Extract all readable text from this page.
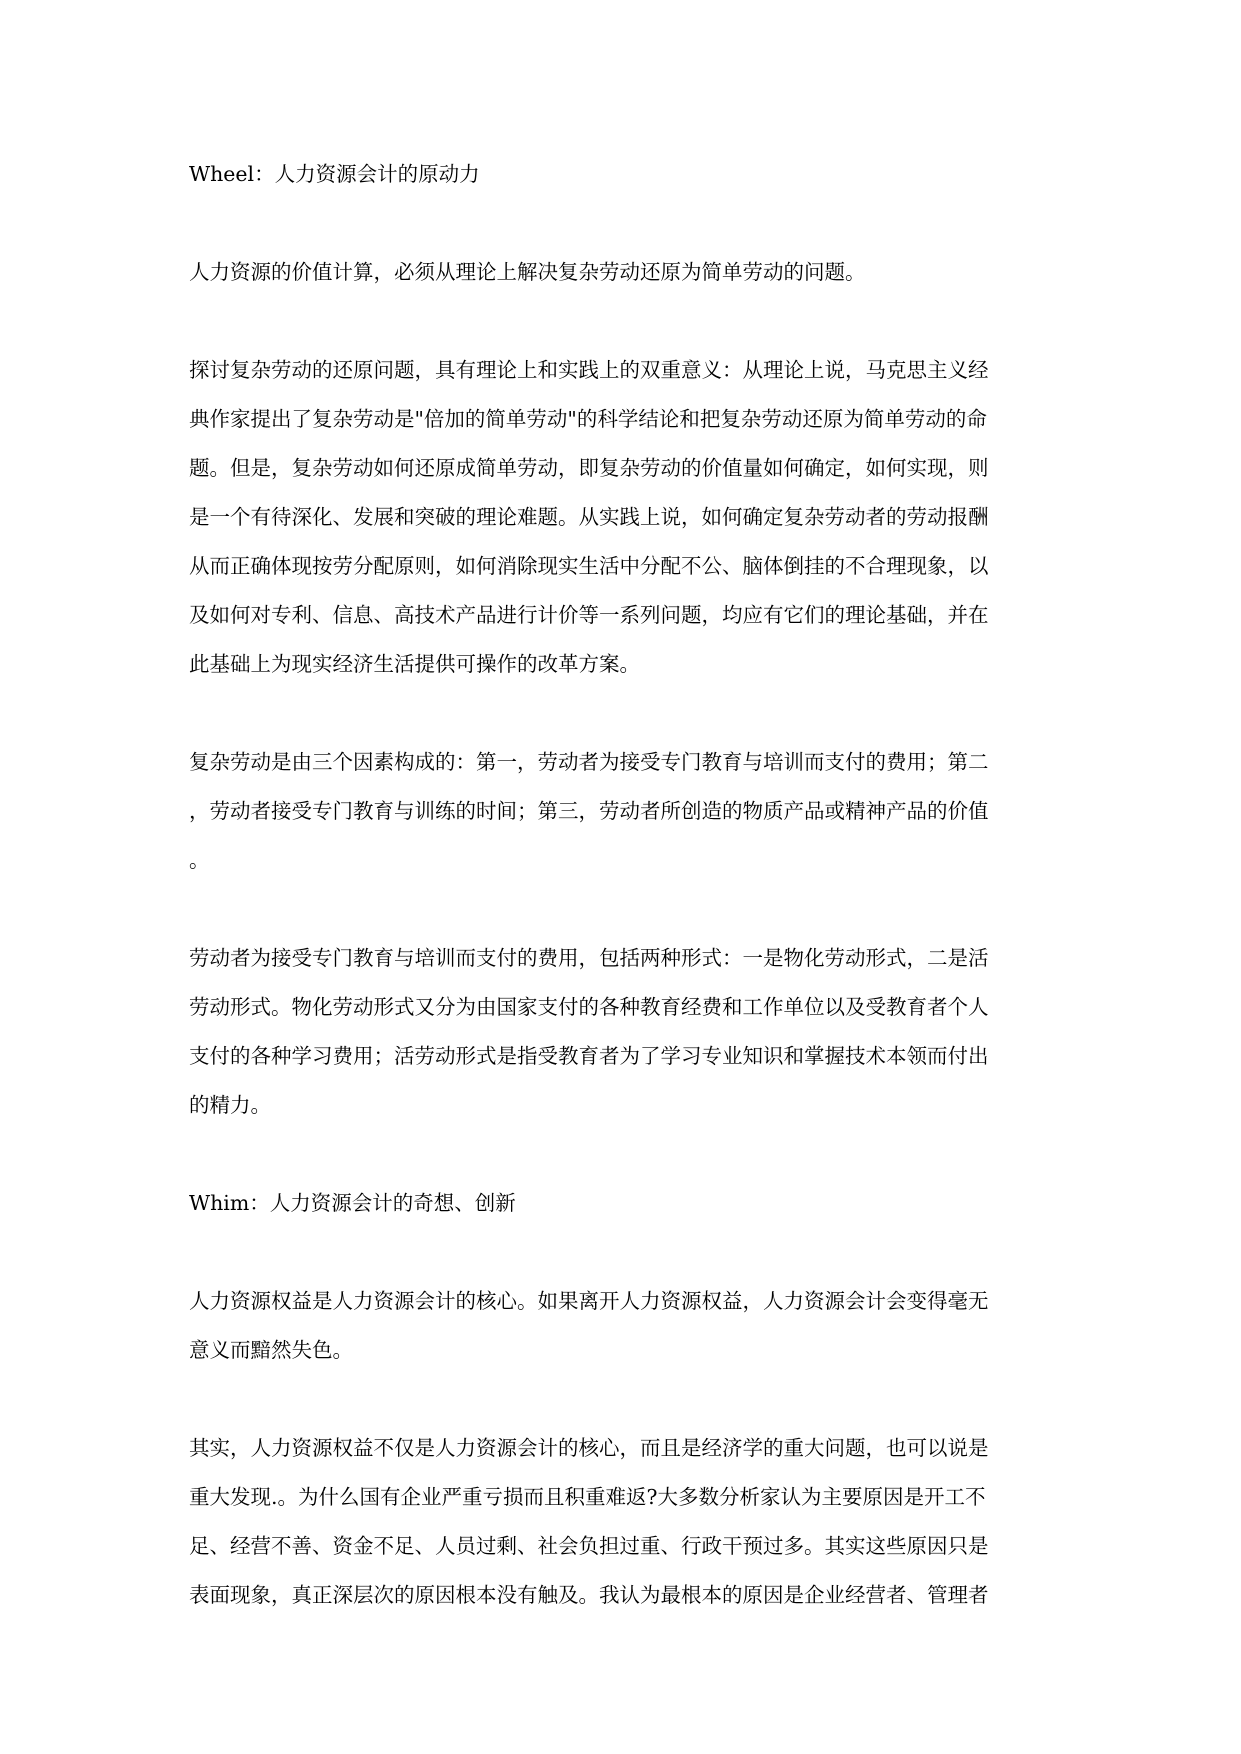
Wheel：人力资源会计的原动力
人力资源的价值计算，必须从理论上解决复杂劳动还原为简单劳动的问题。
探讨复杂劳动的还原问题，具有理论上和实践上的双重意义：从理论上说，马克思主义经
典作家提出了复杂劳动是"倍加的简单劳动"的科学结论和把复杂劳动还原为简单劳动的命
题。但是，复杂劳动如何还原成简单劳动，即复杂劳动的价值量如何确定，如何实现，则
是一个有待深化、发展和突破的理论难题。从实践上说，如何确定复杂劳动者的劳动报酬
从而正确体现按劳分配原则，如何消除现实生活中分配不公、脑体倒挂的不合理现象，以
及如何对专利、信息、高技术产品进行计价等一系列问题，均应有它们的理论基础，并在
此基础上为现实经济生活提供可操作的改革方案。
复杂劳动是由三个因素构成的：第一，劳动者为接受专门教育与培训而支付的费用；第二
，劳动者接受专门教育与训练的时间；第三，劳动者所创造的物质产品或精神产品的价值
。
劳动者为接受专门教育与培训而支付的费用，包括两种形式：一是物化劳动形式，二是活
劳动形式。物化劳动形式又分为由国家支付的各种教育经费和工作单位以及受教育者个人
支付的各种学习费用；活劳动形式是指受教育者为了学习专业知识和掌握技术本领而付出
的精力。
Whim：人力资源会计的奇想、创新
人力资源权益是人力资源会计的核心。如果离开人力资源权益，人力资源会计会变得毫无
意义而黯然失色。
其实，人力资源权益不仅是人力资源会计的核心，而且是经济学的重大问题，也可以说是
重大发现.。为什么国有企业严重亏损而且积重难返?大多数分析家认为主要原因是开工不
足、经营不善、资金不足、人员过剩、社会负担过重、行政干预过多。其实这些原因只是
表面现象，真正深层次的原因根本没有触及。我认为最根本的原因是企业经营者、管理者
